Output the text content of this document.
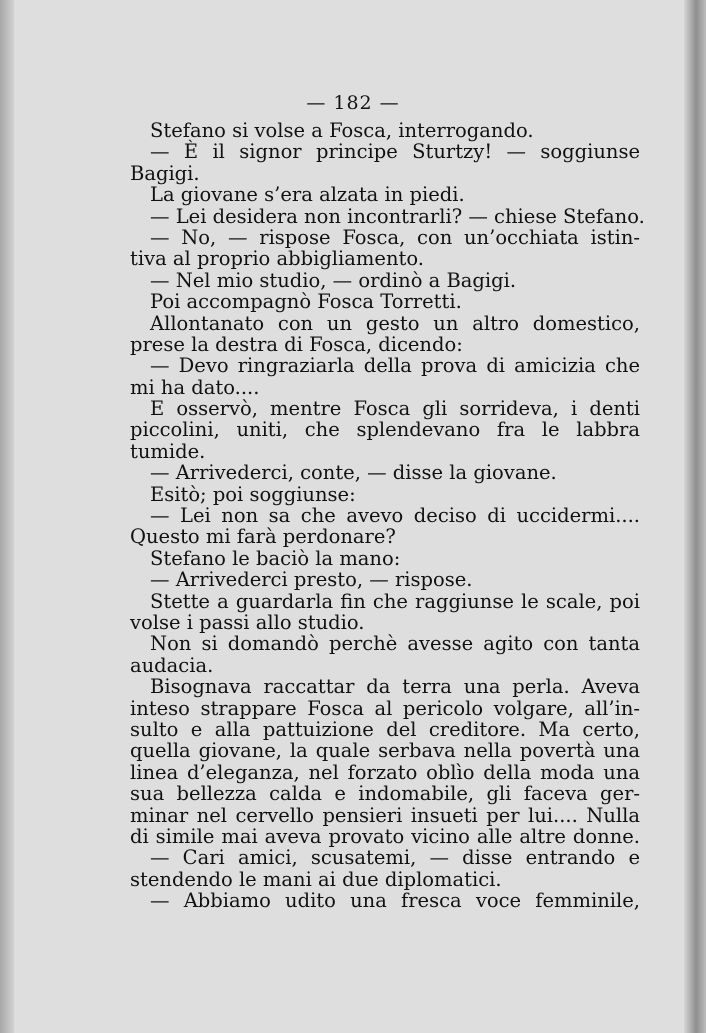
— 182 —
Stefano si volse a Fosca, interrogando.
— È il signor principe Sturtzy! — soggiunse
Bagigi.
La giovane s’era alzata in piedi.
— Lei desidera non incontrarli? — chiese Stefano.
— No, — rispose Fosca, con un’occhiata istin-
tiva al proprio abbigliamento.
— Nel mio studio, — ordinò a Bagigi.
Poi accompagnò Fosca Torretti.
Allontanato con un gesto un altro domestico,
prese la destra di Fosca, dicendo:
— Devo ringraziarla della prova di amicizia che
mi ha dato....
E osservò, mentre Fosca gli sorrideva, i denti
piccolini, uniti, che splendevano fra le labbra
tumide.
— Arrivederci, conte, — disse la giovane.
Esitò; poi soggiunse:
— Lei non sa che avevo deciso di uccidermi....
Questo mi farà perdonare?
Stefano le baciò la mano:
— Arrivederci presto, — rispose.
Stette a guardarla fin che raggiunse le scale, poi
volse i passi allo studio.
Non si domandò perchè avesse agito con tanta
audacia.
Bisognava raccattar da terra una perla. Aveva
inteso strappare Fosca al pericolo volgare, all’in-
sulto e alla pattuizione del creditore. Ma certo,
quella giovane, la quale serbava nella povertà una
linea d’eleganza, nel forzato oblìo della moda una
sua bellezza calda e indomabile, gli faceva ger-
minar nel cervello pensieri insueti per lui.... Nulla
di simile mai aveva provato vicino alle altre donne.
— Cari amici, scusatemi, — disse entrando e
stendendo le mani ai due diplomatici.
— Abbiamo udito una fresca voce femminile,
